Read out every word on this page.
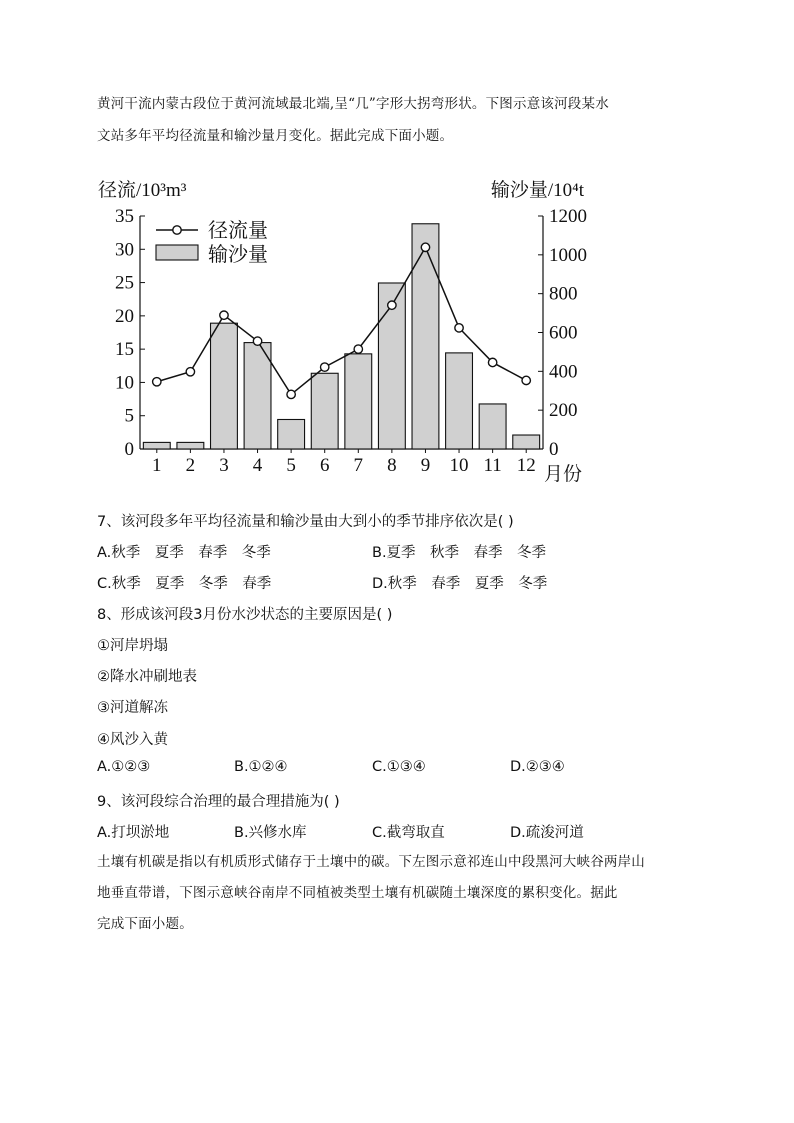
黄河干流内蒙古段位于黄河流域最北端,呈“几”字形大拐弯形状。下图示意该河段某水
文站多年平均径流量和输沙量月变化。据此完成下面小题。
0
5
10
15
20
25
30
35
0
200
400
600
800
1000
1200
1 2 3 4 5 6 7 8 9 10 11 12
径流/10³m³	输沙量/10⁴t
月份
径流量
输沙量
7、该河段多年平均径流量和输沙量由大到小的季节排序依次是( )
A.秋季　夏季　春季　冬季	B.夏季　秋季　春季　冬季
C.秋季　夏季　冬季　春季	D.秋季　春季　夏季　冬季
8、形成该河段3月份水沙状态的主要原因是( )
①河岸坍塌
②降水冲刷地表
③河道解冻
④风沙入黄
A.①②③	B.①②④	C.①③④	D.②③④
9、该河段综合治理的最合理措施为( )
A.打坝淤地	B.兴修水库	C.截弯取直	D.疏浚河道
土壤有机碳是指以有机质形式储存于土壤中的碳。下左图示意祁连山中段黑河大峡谷两岸山
地垂直带谱，下图示意峡谷南岸不同植被类型土壤有机碳随土壤深度的累积变化。据此
完成下面小题。
